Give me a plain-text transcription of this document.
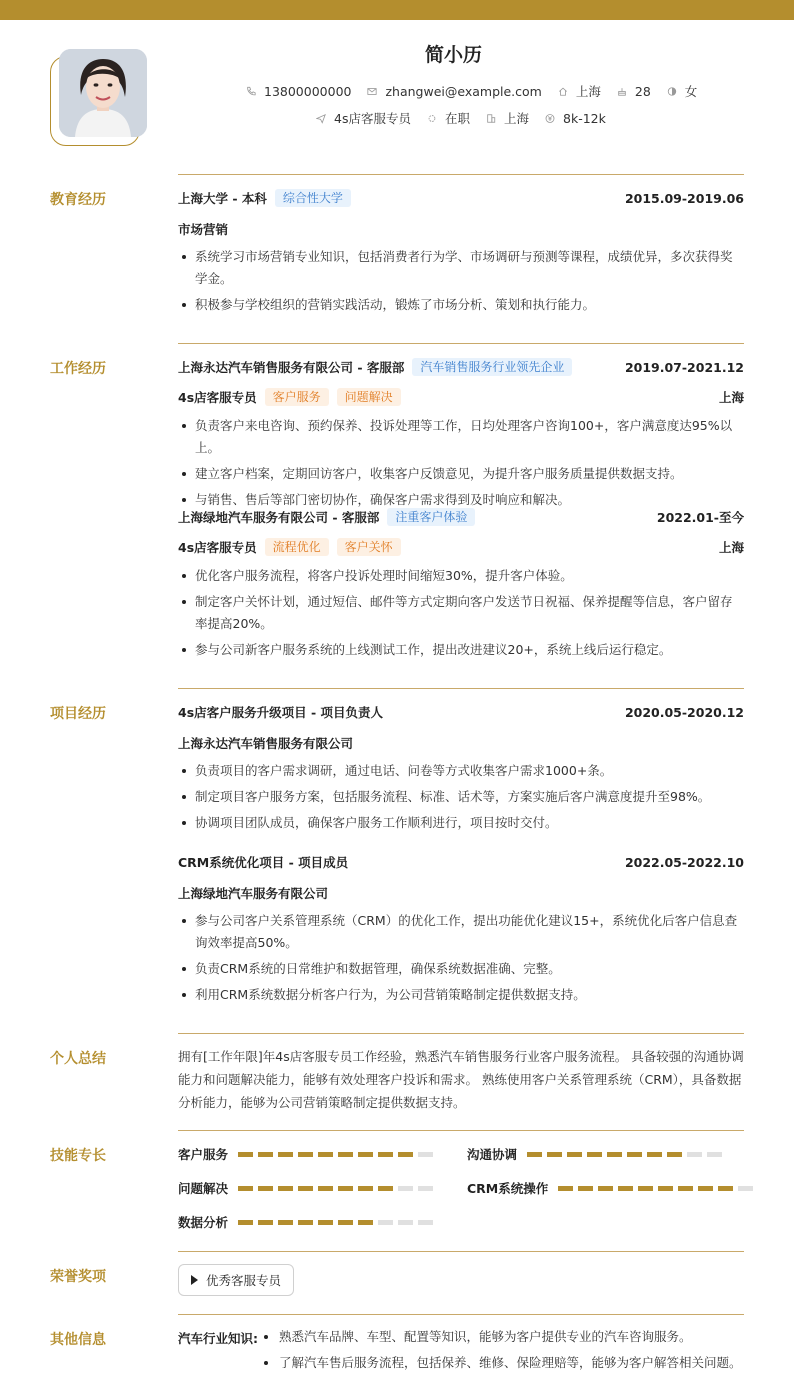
简小历
13800000000	zhangwei@example.com	上海	28	女
4s店客服专员	在职	上海	8k-12k
教育经历	上海大学 - 本科	综合性大学	2015.09-2019.06
市场营销
系统学习市场营销专业知识，包括消费者行为学、市场调研与预测等课程，成绩优异，多次获得奖学金。
积极参与学校组织的营销实践活动，锻炼了市场分析、策划和执行能力。
工作经历	上海永达汽车销售服务有限公司 - 客服部	汽车销售服务行业领先企业	2019.07-2021.12
4s店客服专员	客户服务	问题解决	上海
负责客户来电咨询、预约保养、投诉处理等工作，日均处理客户咨询100+，客户满意度达95%以上。
建立客户档案，定期回访客户，收集客户反馈意见，为提升客户服务质量提供数据支持。
与销售、售后等部门密切协作，确保客户需求得到及时响应和解决。
上海绿地汽车服务有限公司 - 客服部	注重客户体验	2022.01-至今
4s店客服专员	流程优化	客户关怀	上海
优化客户服务流程，将客户投诉处理时间缩短30%，提升客户体验。
制定客户关怀计划，通过短信、邮件等方式定期向客户发送节日祝福、保养提醒等信息，客户留存率提高20%。
参与公司新客户服务系统的上线测试工作，提出改进建议20+，系统上线后运行稳定。
项目经历	4s店客户服务升级项目 - 项目负责人	2020.05-2020.12
上海永达汽车销售服务有限公司
负责项目的客户需求调研，通过电话、问卷等方式收集客户需求1000+条。
制定项目客户服务方案，包括服务流程、标准、话术等，方案实施后客户满意度提升至98%。
协调项目团队成员，确保客户服务工作顺利进行，项目按时交付。
CRM系统优化项目 - 项目成员	2022.05-2022.10
上海绿地汽车服务有限公司
参与公司客户关系管理系统（CRM）的优化工作，提出功能优化建议15+，系统优化后客户信息查询效率提高50%。
负责CRM系统的日常维护和数据管理，确保系统数据准确、完整。
利用CRM系统数据分析客户行为，为公司营销策略制定提供数据支持。
个人总结	拥有[工作年限]年4s店客服专员工作经验，熟悉汽车销售服务行业客户服务流程。 具备较强的沟通协调能力和问题解决能力，能够有效处理客户投诉和需求。 熟练使用客户关系管理系统（CRM），具备数据分析能力，能够为公司营销策略制定提供数据支持。
技能专长	客户服务	沟通协调
问题解决	CRM系统操作
数据分析
荣誉奖项	优秀客服专员
其他信息	汽车行业知识:	熟悉汽车品牌、车型、配置等知识，能够为客户提供专业的汽车咨询服务。
了解汽车售后服务流程，包括保养、维修、保险理赔等，能够为客户解答相关问题。
